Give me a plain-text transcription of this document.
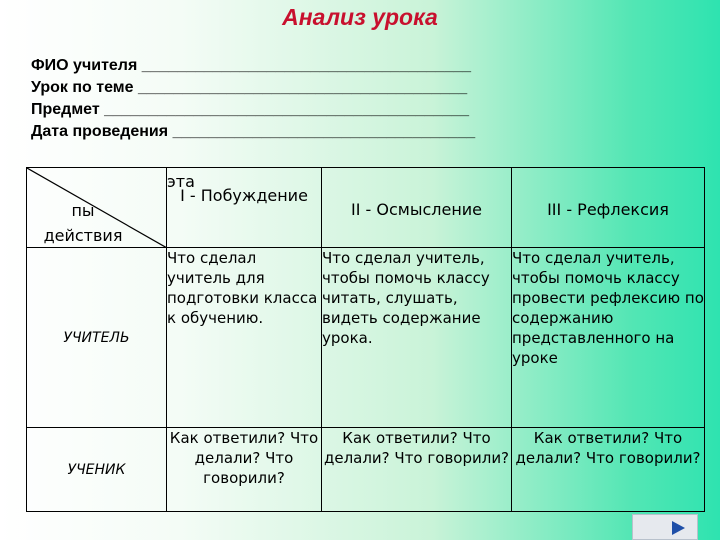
Анализ урока
ФИО учителя _____________________________________
Урок по теме _____________________________________
Предмет _________________________________________
Дата проведения __________________________________
эта
пы действия	I - Побуждение	II - Осмысление	III - Рефлексия

УЧИТЕЛЬ	Что сделал учитель для подготовки класса к обучению.	Что сделал учитель, чтобы помочь классу читать, слушать, видеть содержание урока.	Что сделал учитель, чтобы помочь классу провести рефлексию по содержанию представленного на уроке

УЧЕНИК	Как ответили? Что делали? Что говорили?	Как ответили? Что делали? Что говорили?	Как ответили? Что делали? Что говорили?
